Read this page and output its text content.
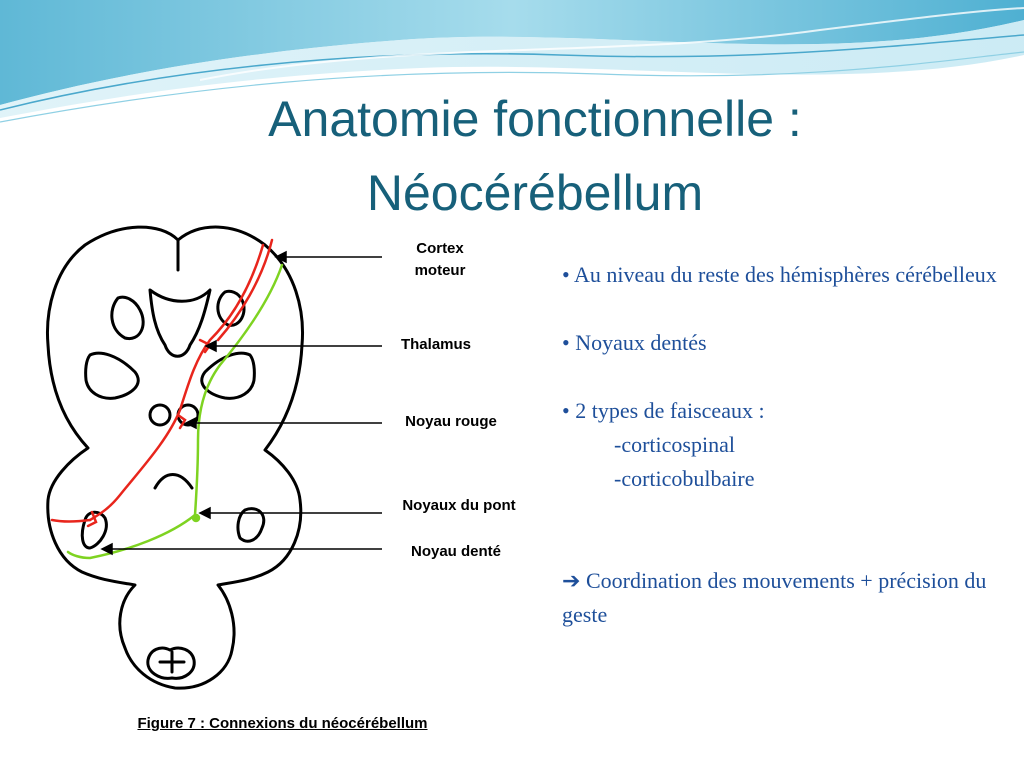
Anatomie fonctionnelle :
Néocérébellum
Cortex
moteur
Thalamus
Noyau rouge
Noyaux du pont
Noyau denté
Figure 7 : Connexions du néocérébellum
• Au niveau du reste des hémisphères cérébelleux
• Noyaux dentés
• 2 types de faisceaux :
-corticospinal
-corticobulbaire
➔ Coordination des mouvements + précision du geste
